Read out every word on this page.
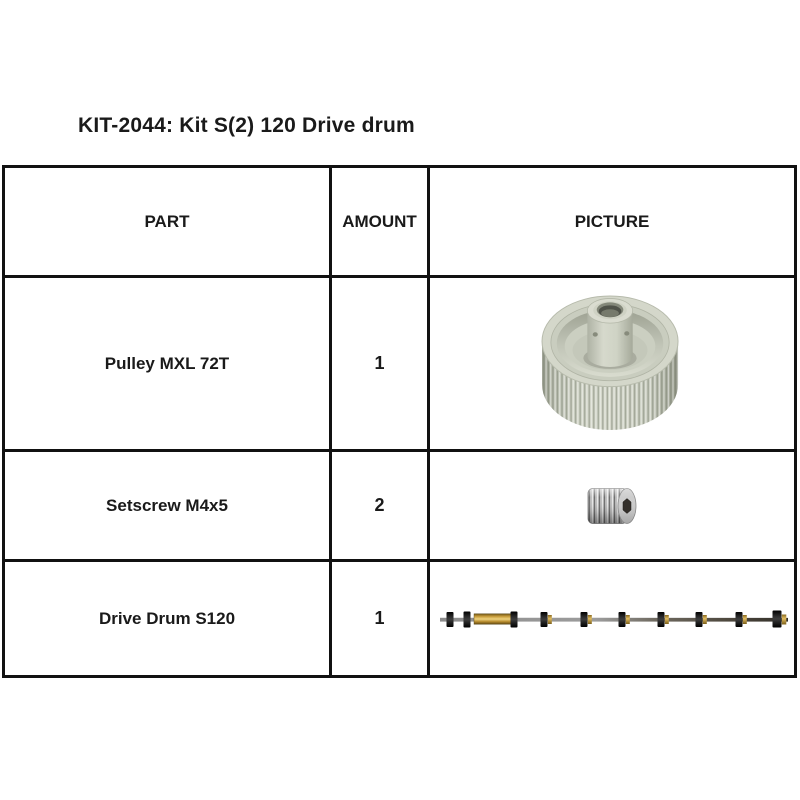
KIT-2044: Kit S(2) 120 Drive drum
PART	AMOUNT	PICTURE
Pulley MXL 72T	1
Setscrew M4x5	2
Drive Drum S120	1
